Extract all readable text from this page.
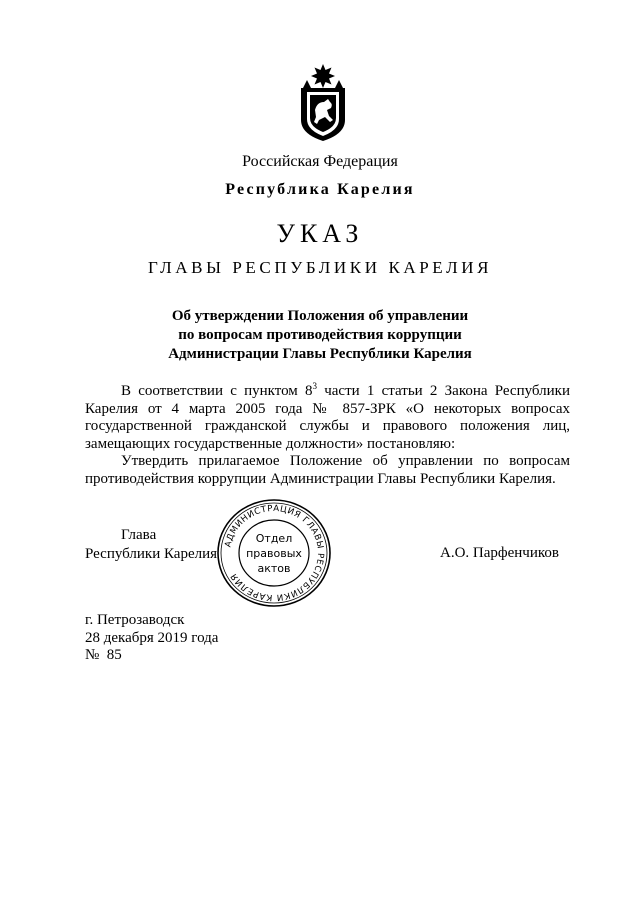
Российская Федерация
Республика Карелия
УКАЗ
ГЛАВЫ РЕСПУБЛИКИ КАРЕЛИЯ
Об утверждении Положения об управлении
по вопросам противодействия коррупции
Администрации Главы Республики Карелия

В соответствии с пунктом $8^3$ части 1 статьи 2 Закона Республики Карелия от 4 марта 2005 года № 857-ЗРК «О некоторых вопросах государственной гражданской службы и правового положения лиц, замещающих государственные должности» постановляю:

Утвердить прилагаемое Положение об управлении по вопросам противодействия коррупции Администрации Главы Республики Карелия.

Глава
Республики Карелия
АДМИНИСТРАЦИЯ ГЛАВЫ РЕСПУБЛИКИ КАРЕЛИЯ
Отдел
правовых
актов
А.О. Парфенчиков
г. Петрозаводск
28 декабря 2019 года
№  85
